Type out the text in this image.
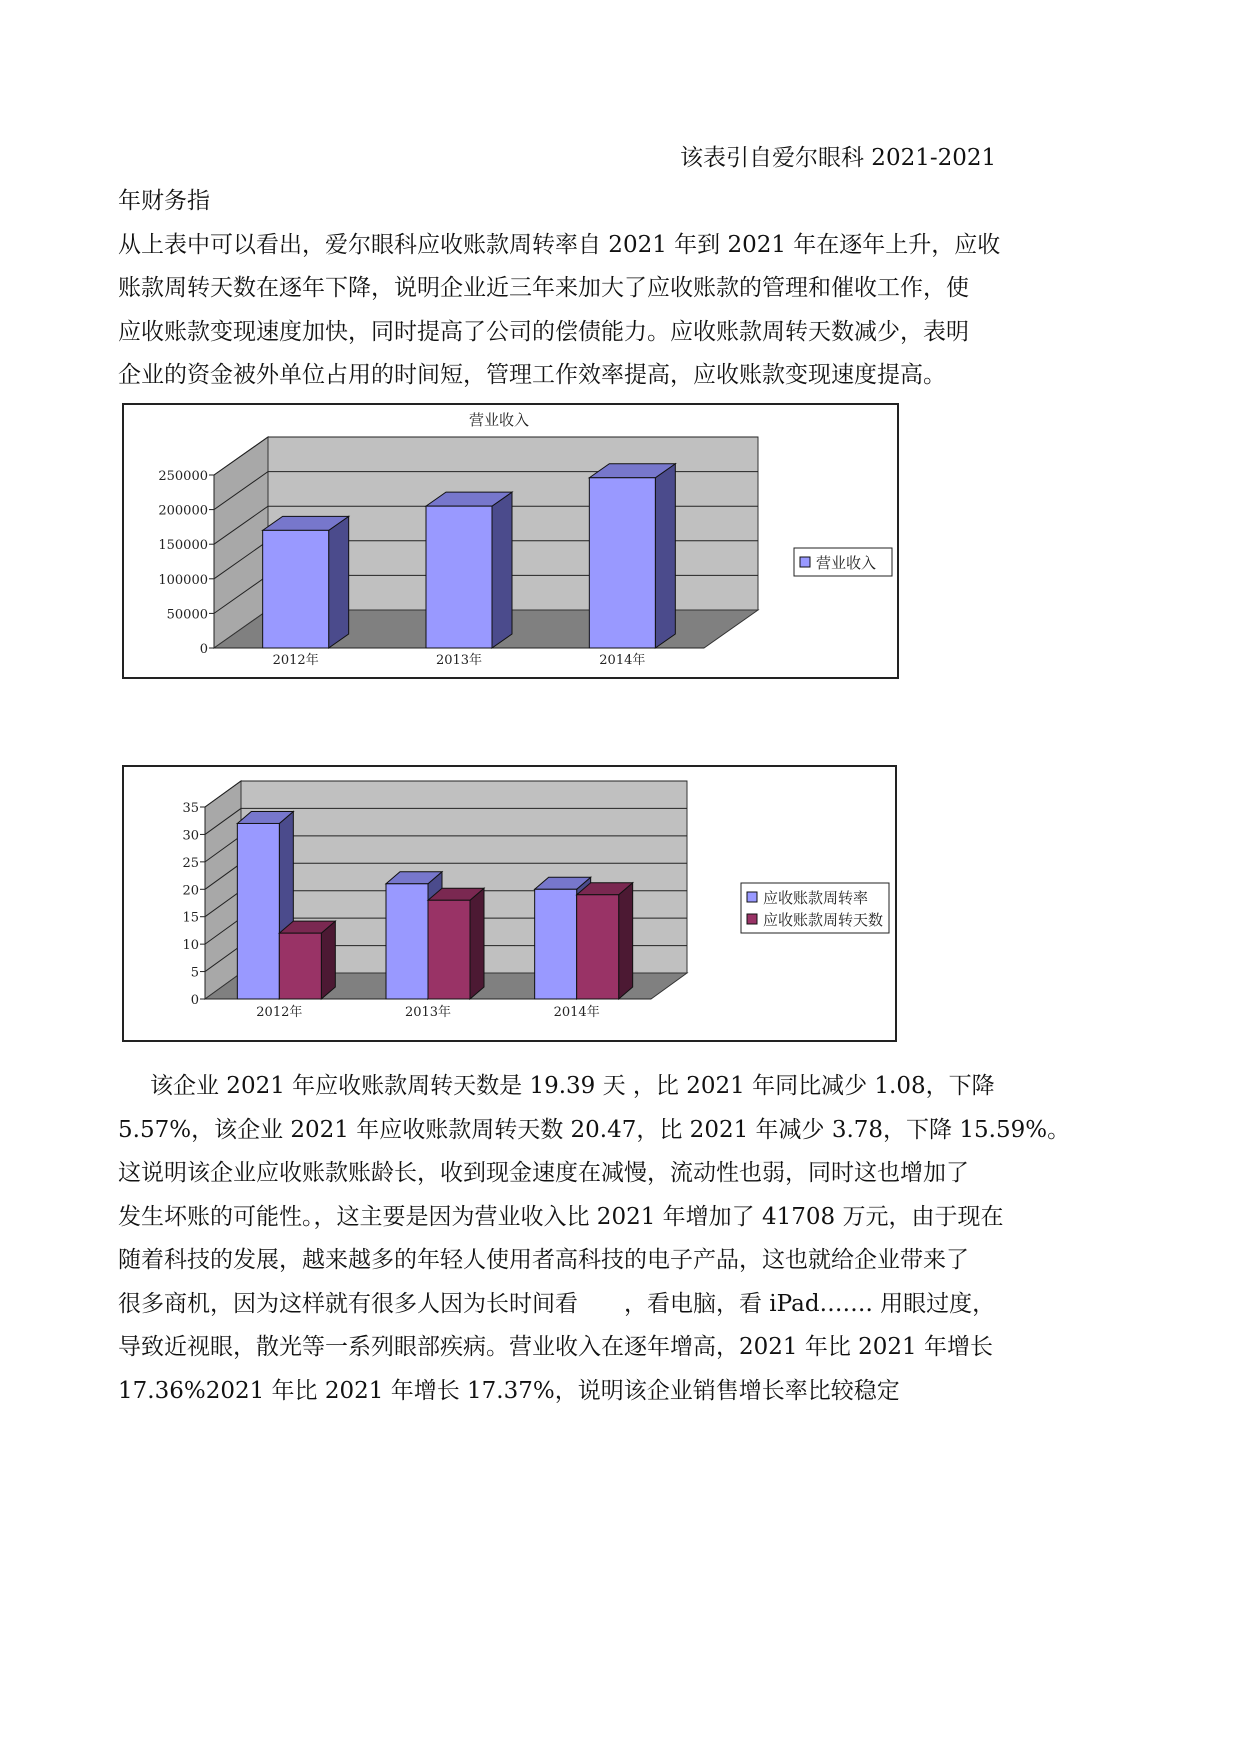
该表引自爱尔眼科 2021-2021
年财务指
从上表中可以看出，爱尔眼科应收账款周转率自 2021 年到 2021 年在逐年上升，应收
账款周转天数在逐年下降，说明企业近三年来加大了应收账款的管理和催收工作，使
应收账款变现速度加快，同时提高了公司的偿债能力。应收账款周转天数减少，表明
企业的资金被外单位占用的时间短，管理工作效率提高，应收账款变现速度提高。
0
50000
100000
150000
200000
250000
2012年	2013年	2014年
营业收入
营业收入
0
5
10
15
20
25
30
35
2012年	2013年	2014年
应收账款周转率
应收账款周转天数
该企业 2021 年应收账款周转天数是 19.39 天 ，比 2021 年同比减少 1.08，下降
5.57%，该企业 2021 年应收账款周转天数 20.47，比 2021 年减少 3.78，下降 15.59%。
这说明该企业应收账款账龄长，收到现金速度在减慢，流动性也弱，同时这也增加了
发生坏账的可能性。，这主要是因为营业收入比 2021 年增加了 41708 万元，由于现在
随着科技的发展，越来越多的年轻人使用者高科技的电子产品，这也就给企业带来了
很多商机，因为这样就有很多人因为长时间看　　，看电脑，看 iPad……. 用眼过度，
导致近视眼，散光等一系列眼部疾病。营业收入在逐年增高，2021 年比 2021 年增长
17.36%2021 年比 2021 年增长 17.37%，说明该企业销售增长率比较稳定
